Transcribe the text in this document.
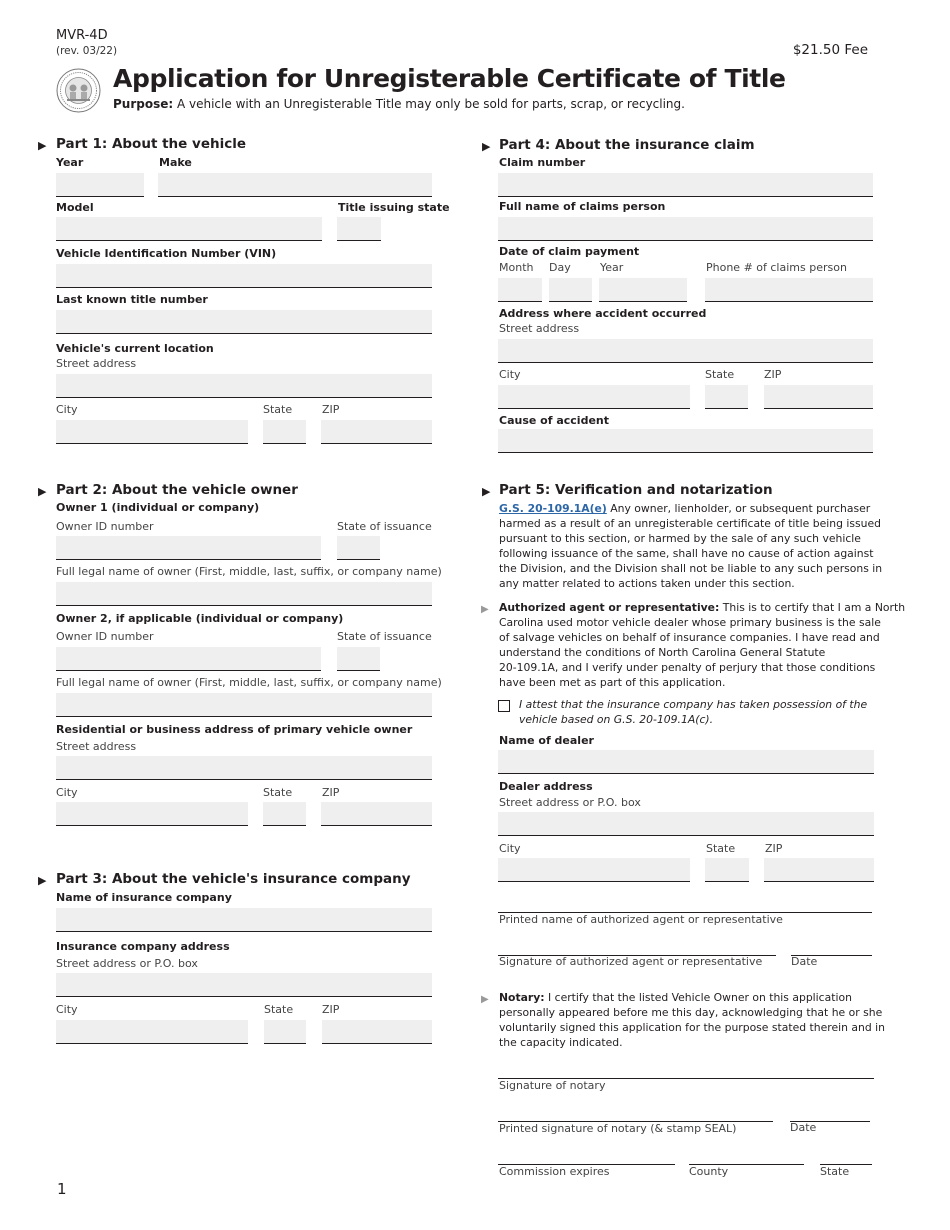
MVR-4D
(rev. 03/22)	$21.50 Fee
Application for Unregisterable Certificate of Title
Purpose: A vehicle with an Unregisterable Title may only be sold for parts, scrap, or recycling.
▶ Part 1: About the vehicle
Year	Make
Model	Title issuing state
Vehicle Identification Number (VIN)
Last known title number
Vehicle's current location
Street address
City	State	ZIP
▶ Part 2: About the vehicle owner
Owner 1 (individual or company)
Owner ID number	State of issuance
Full legal name of owner (First, middle, last, suffix, or company name)
Owner 2, if applicable (individual or company)
Owner ID number	State of issuance
Full legal name of owner (First, middle, last, suffix, or company name)
Residential or business address of primary vehicle owner
Street address
City	State	ZIP
▶ Part 3: About the vehicle's insurance company
Name of insurance company
Insurance company address
Street address or P.O. box
City	State	ZIP
▶ Part 4: About the insurance claim
Claim number
Full name of claims person
Date of claim payment
Month Day	Year	Phone # of claims person
Address where accident occurred
Street address
City	State	ZIP
Cause of accident
▶ Part 5: Verification and notarization
G.S. 20-109.1A(e) Any owner, lienholder, or subsequent purchaser
harmed as a result of an unregisterable certificate of title being issued
pursuant to this section, or harmed by the sale of any such vehicle
following issuance of the same, shall have no cause of action against
the Division, and the Division shall not be liable to any such persons in
any matter related to actions taken under this section.
▶ Authorized agent or representative: This is to certify that I am a North
Carolina used motor vehicle dealer whose primary business is the sale
of salvage vehicles on behalf of insurance companies. I have read and
understand the conditions of North Carolina General Statute
20-109.1A, and I verify under penalty of perjury that those conditions
have been met as part of this application.
I attest that the insurance company has taken possession of the
vehicle based on G.S. 20-109.1A(c).
Name of dealer
Dealer address
Street address or P.O. box
City	State	ZIP
Printed name of authorized agent or representative
Signature of authorized agent or representative	Date
▶ Notary: I certify that the listed Vehicle Owner on this application
personally appeared before me this day, acknowledging that he or she
voluntarily signed this application for the purpose stated therein and in
the capacity indicated.
Signature of notary
Printed signature of notary (& stamp SEAL)	Date
Commission expires	County	State
1
